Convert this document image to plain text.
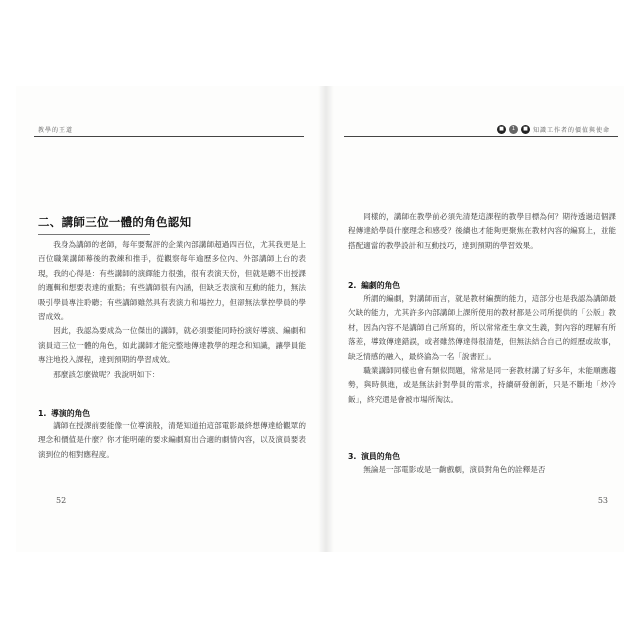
教學的王道
二、講師三位一體的角色認知

我身為講師的老師，每年要幫評的企業內部講師超過四百位，尤其我更是上百位職業講師幕後的教練和推手，從觀察每年逾歷多位內、外部講師上台的表現，我的心得是：有些講師的演繹能力很強，很有表演天份，但就是聽不出授課的邏輯和想要表達的重點；有些講師很有內涵，但缺乏表演和互動的能力，無法吸引學員專注聆聽；有些講師雖然具有表演力和場控力，但卻無法掌控學員的學習成效。

因此，我認為要成為一位傑出的講師，就必須要能同時扮演好導演、編劇和演員這三位一體的角色，如此講師才能完整地傳達教學的理念和知識，讓學員能專注地投入課程，達到預期的學習成效。

那麼該怎麼做呢？我說明如下：

1. 導演的角色

講師在授課前要能像一位導演般，清楚知道拍這部電影最終想傳達給觀眾的理念和價值是什麼？你才能明確的要求編劇寫出合適的劇情內容，以及演員要表演到位的相對應程度。

52
■	1	■ 知識工作者的價值與使命

同樣的，講師在教學前必須先清楚這課程的教學目標為何？期待透過這個課程傳達給學員什麼理念和感受？後續也才能夠更聚焦在教材內容的編寫上，並能搭配適當的教學設計和互動技巧，達到預期的學習效果。

2. 編劇的角色

所謂的編劇，對講師而言，就是教材編撰的能力，這部分也是我認為講師最欠缺的能力，尤其許多內部講師上課所使用的教材都是公司所提供的「公版」教材，因為內容不是講師自己所寫的，所以常常產生拿文生義，對內容的理解有所落差，導致傳達錯誤，或者雖然傳達得很清楚，但無法結合自己的經歷或故事，缺乏情感的融入，最終淪為一名「說書匠」。

職業講師同樣也會有類似問題，常常是同一套教材講了好多年，未能順應趨勢，與時俱進，或是無法針對學員的需求，持續研發創新，只是不斷地「炒冷飯」，終究還是會被市場所淘汰。

3. 演員的角色

無論是一部電影或是一齣戲劇，演員對角色的詮釋是否

53
